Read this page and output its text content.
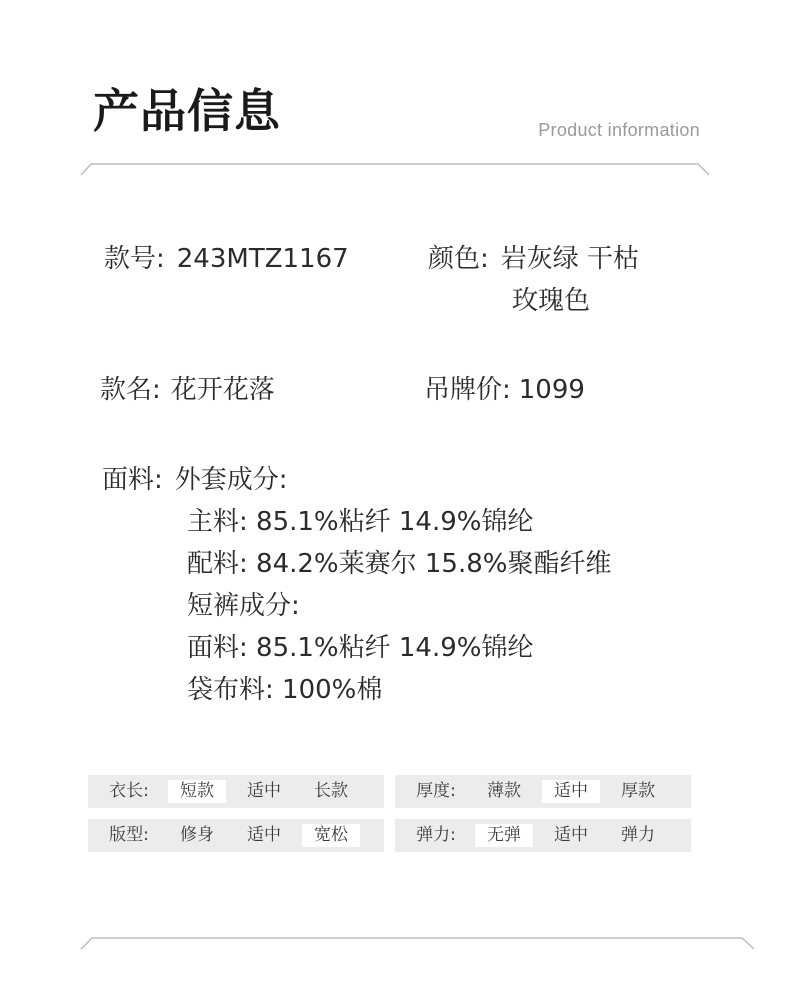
产品信息	Product information
款号: 243MTZ1167	颜色: 岩灰绿 干枯
玫瑰色
款名: 花开花落	吊牌价: 1099
面料: 外套成分:
主料: 85.1%粘纤 14.9%锦纶
配料: 84.2%莱赛尔 15.8%聚酯纤维
短裤成分:
面料: 85.1%粘纤 14.9%锦纶
袋布料: 100%棉
衣长:	短款	适中	长款	厚度:	薄款	适中	厚款
版型:	修身	适中	宽松	弹力:	无弹	适中	弹力
